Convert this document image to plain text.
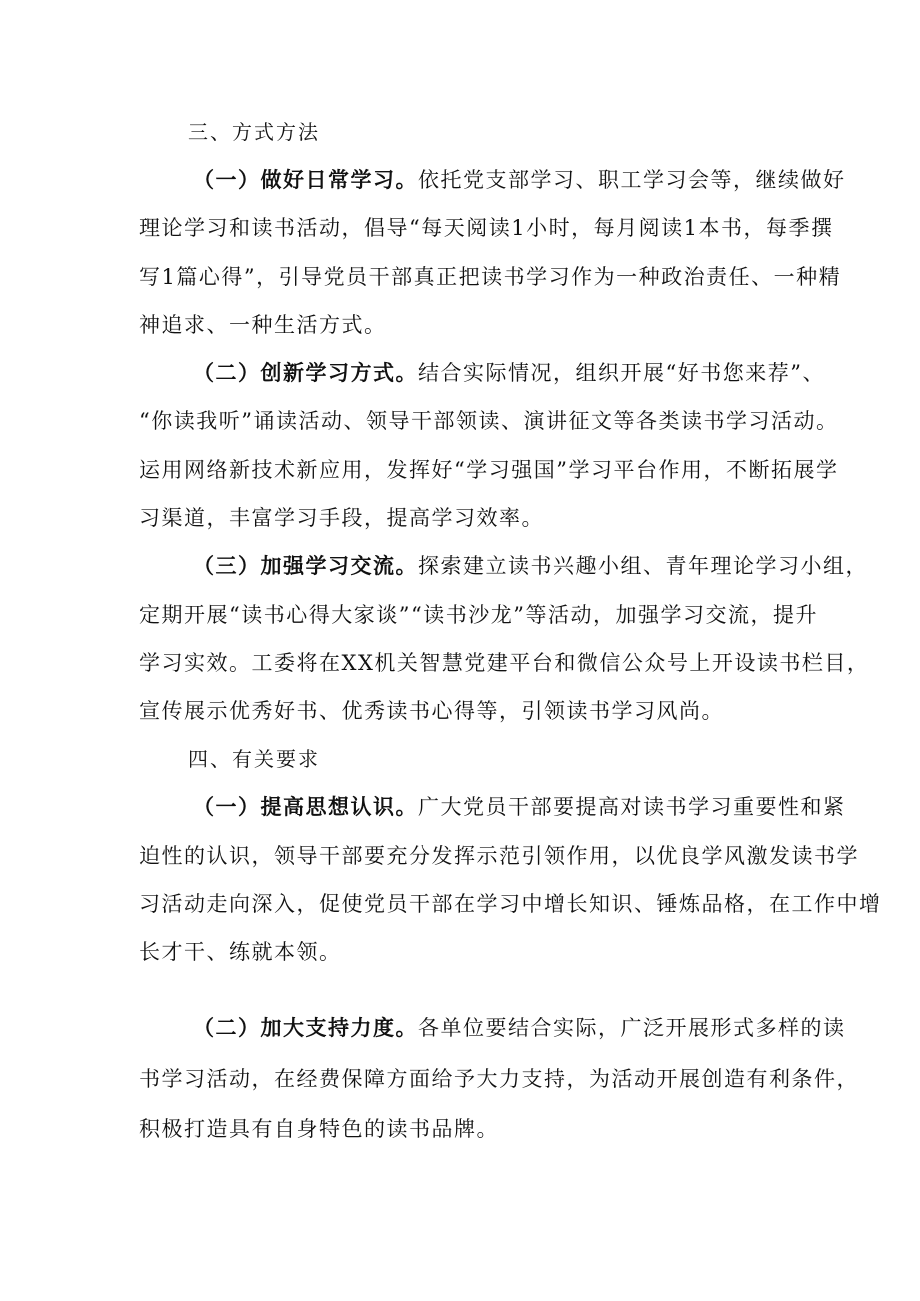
三、方式方法
（一）做好日常学习。依托党支部学习、职工学习会等，继续做好
理论学习和读书活动，倡导“每天阅读1小时，每月阅读1本书，每季撰
写1篇心得”，引导党员干部真正把读书学习作为一种政治责任、一种精
神追求、一种生活方式。
（二）创新学习方式。结合实际情况，组织开展“好书您来荐”、
“你读我听”诵读活动、领导干部领读、演讲征文等各类读书学习活动。
运用网络新技术新应用，发挥好“学习强国”学习平台作用，不断拓展学
习渠道，丰富学习手段，提高学习效率。
（三）加强学习交流。探索建立读书兴趣小组、青年理论学习小组，
定期开展“读书心得大家谈”“读书沙龙”等活动，加强学习交流，提升
学习实效。工委将在XX机关智慧党建平台和微信公众号上开设读书栏目，
宣传展示优秀好书、优秀读书心得等，引领读书学习风尚。
四、有关要求
（一）提高思想认识。广大党员干部要提高对读书学习重要性和紧
迫性的认识，领导干部要充分发挥示范引领作用，以优良学风激发读书学
习活动走向深入，促使党员干部在学习中增长知识、锤炼品格，在工作中增
长才干、练就本领。
（二）加大支持力度。各单位要结合实际，广泛开展形式多样的读
书学习活动，在经费保障方面给予大力支持，为活动开展创造有利条件，
积极打造具有自身特色的读书品牌。
